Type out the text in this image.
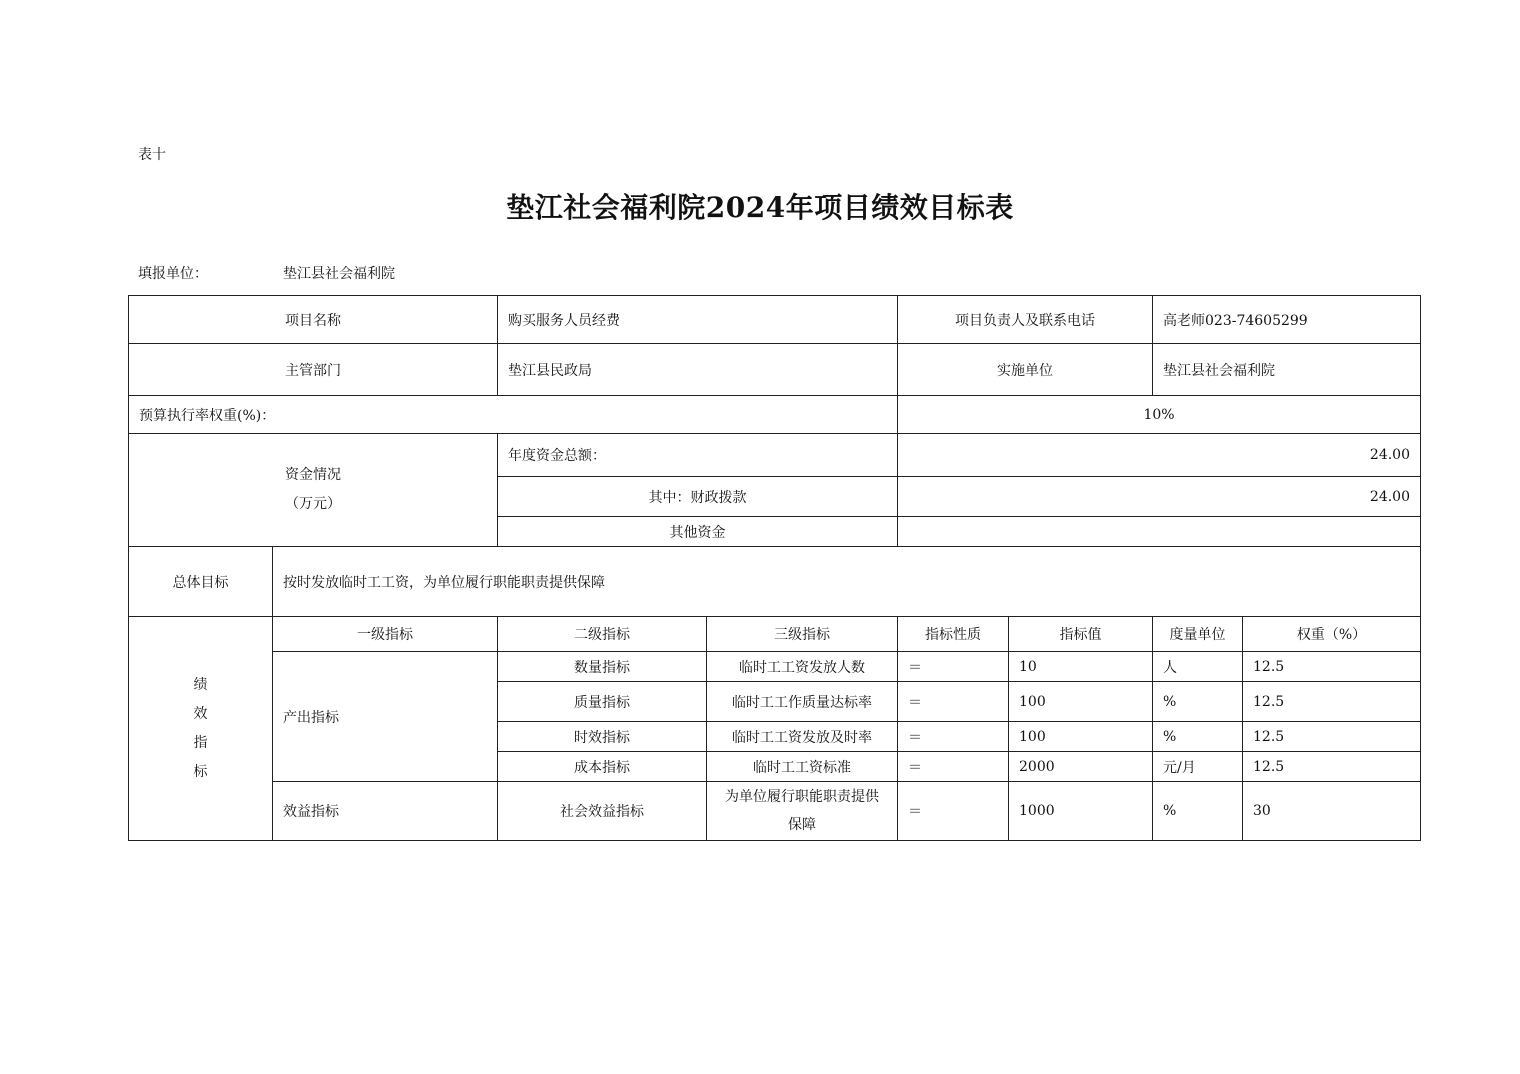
表十
垫江社会福利院2024年项目绩效目标表
填报单位：	垫江县社会福利院
项目名称		购买服务人员经费		项目负责人及联系电话		高老师023-74605299	
主管部门		垫江县民政局		实施单位		垫江县社会福利院	
预算执行率权重(%)：				10%			

资金情况
（万元）		年度资金总额：		24.00			
		其中：财政拨款		24.00			
		其他资金					
总体目标	按时发放临时工工资，为单位履行职能职责提供保障						

绩
效
指
标	一级指标	二级指标	三级指标	指标性质	指标值	度量单位	权重（%）
	产出指标	数量指标	临时工工资发放人数	＝	10	人	12.5
		质量指标	临时工工作质量达标率	＝	100	%	12.5
		时效指标	临时工工资发放及时率	＝	100	%	12.5
		成本指标	临时工工资标准	＝	2000	元/月	12.5
	效益指标	社会效益指标	为单位履行职能职责提供
保障	＝	1000	%	30
